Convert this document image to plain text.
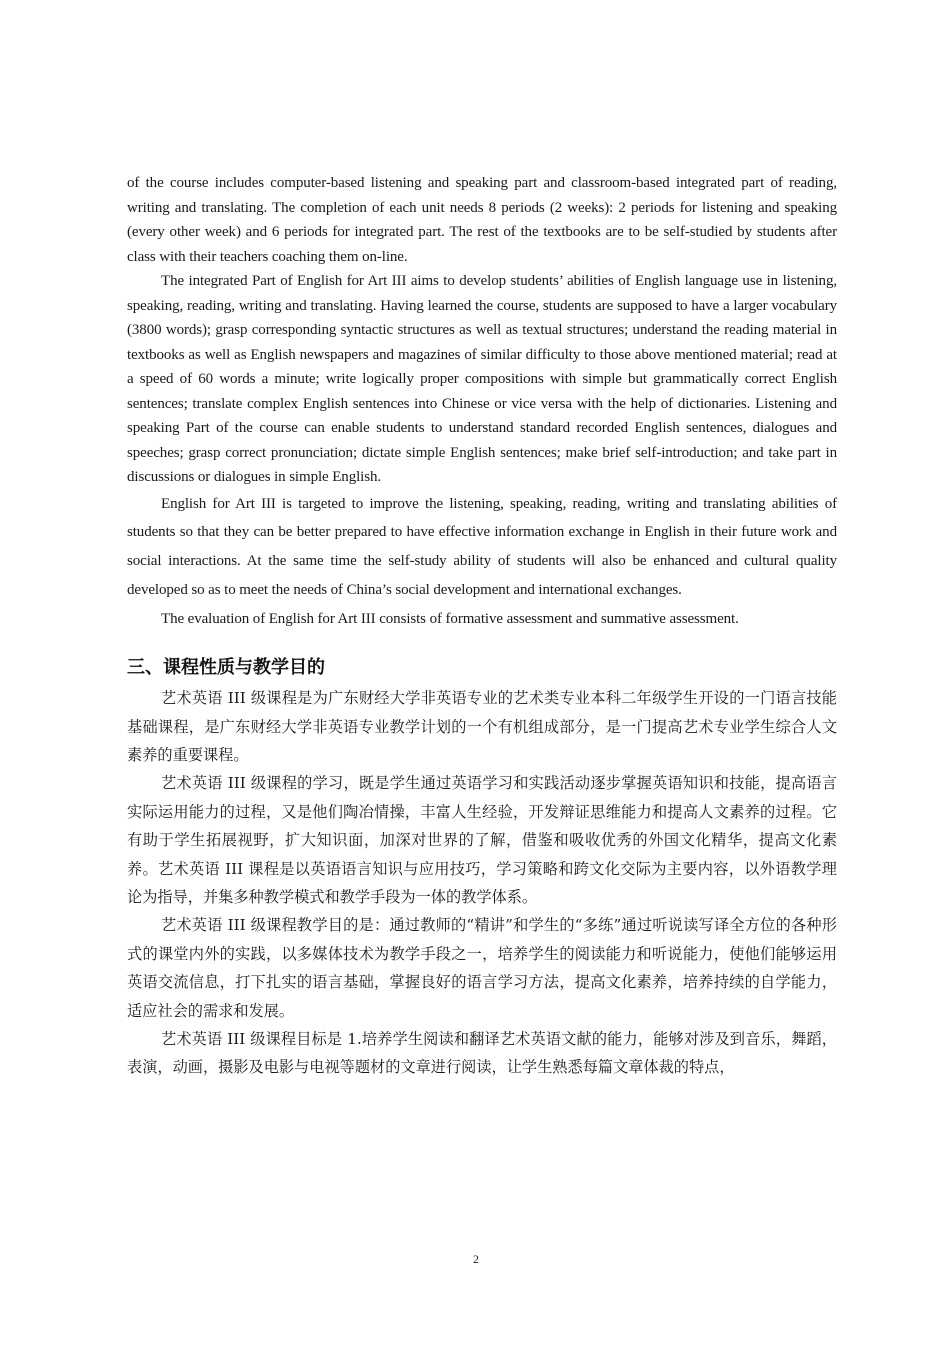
of the course includes computer-based listening and speaking part and classroom-based integrated part of reading, writing and translating. The completion of each unit needs 8 periods (2 weeks): 2 periods for listening and speaking (every other week) and 6 periods for integrated part. The rest of the textbooks are to be self-studied by students after class with their teachers coaching them on-line.

The integrated Part of English for Art III aims to develop students’ abilities of English language use in listening, speaking, reading, writing and translating. Having learned the course, students are supposed to have a larger vocabulary (3800 words); grasp corresponding syntactic structures as well as textual structures; understand the reading material in textbooks as well as English newspapers and magazines of similar difficulty to those above mentioned material; read at a speed of 60 words a minute; write logically proper compositions with simple but grammatically correct English sentences; translate complex English sentences into Chinese or vice versa with the help of dictionaries. Listening and speaking Part of the course can enable students to understand standard recorded English sentences, dialogues and speeches; grasp correct pronunciation; dictate simple English sentences; make brief self-introduction; and take part in discussions or dialogues in simple English.

English for Art III is targeted to improve the listening, speaking, reading, writing and translating abilities of students so that they can be better prepared to have effective information exchange in English in their future work and social interactions. At the same time the self-study ability of students will also be enhanced and cultural quality developed so as to meet the needs of China’s social development and international exchanges.

The evaluation of English for Art III consists of formative assessment and summative assessment.

三、课程性质与教学目的

艺术英语 III 级课程是为广东财经大学非英语专业的艺术类专业本科二年级学生开设的一门语言技能基础课程，是广东财经大学非英语专业教学计划的一个有机组成部分，是一门提高艺术专业学生综合人文素养的重要课程。

艺术英语 III 级课程的学习，既是学生通过英语学习和实践活动逐步掌握英语知识和技能，提高语言实际运用能力的过程，又是他们陶冶情操，丰富人生经验，开发辩证思维能力和提高人文素养的过程。它有助于学生拓展视野，扩大知识面，加深对世界的了解，借鉴和吸收优秀的外国文化精华，提高文化素养。艺术英语 III 课程是以英语语言知识与应用技巧，学习策略和跨文化交际为主要内容，以外语教学理论为指导，并集多种教学模式和教学手段为一体的教学体系。

艺术英语 III 级课程教学目的是：通过教师的“精讲”和学生的“多练”通过听说读写译全方位的各种形式的课堂内外的实践，以多媒体技术为教学手段之一，培养学生的阅读能力和听说能力，使他们能够运用英语交流信息，打下扎实的语言基础，掌握良好的语言学习方法，提高文化素养，培养持续的自学能力，适应社会的需求和发展。

艺术英语 III 级课程目标是 1.培养学生阅读和翻译艺术英语文献的能力，能够对涉及到音乐，舞蹈，表演，动画，摄影及电影与电视等题材的文章进行阅读，让学生熟悉每篇文章体裁的特点，

2
